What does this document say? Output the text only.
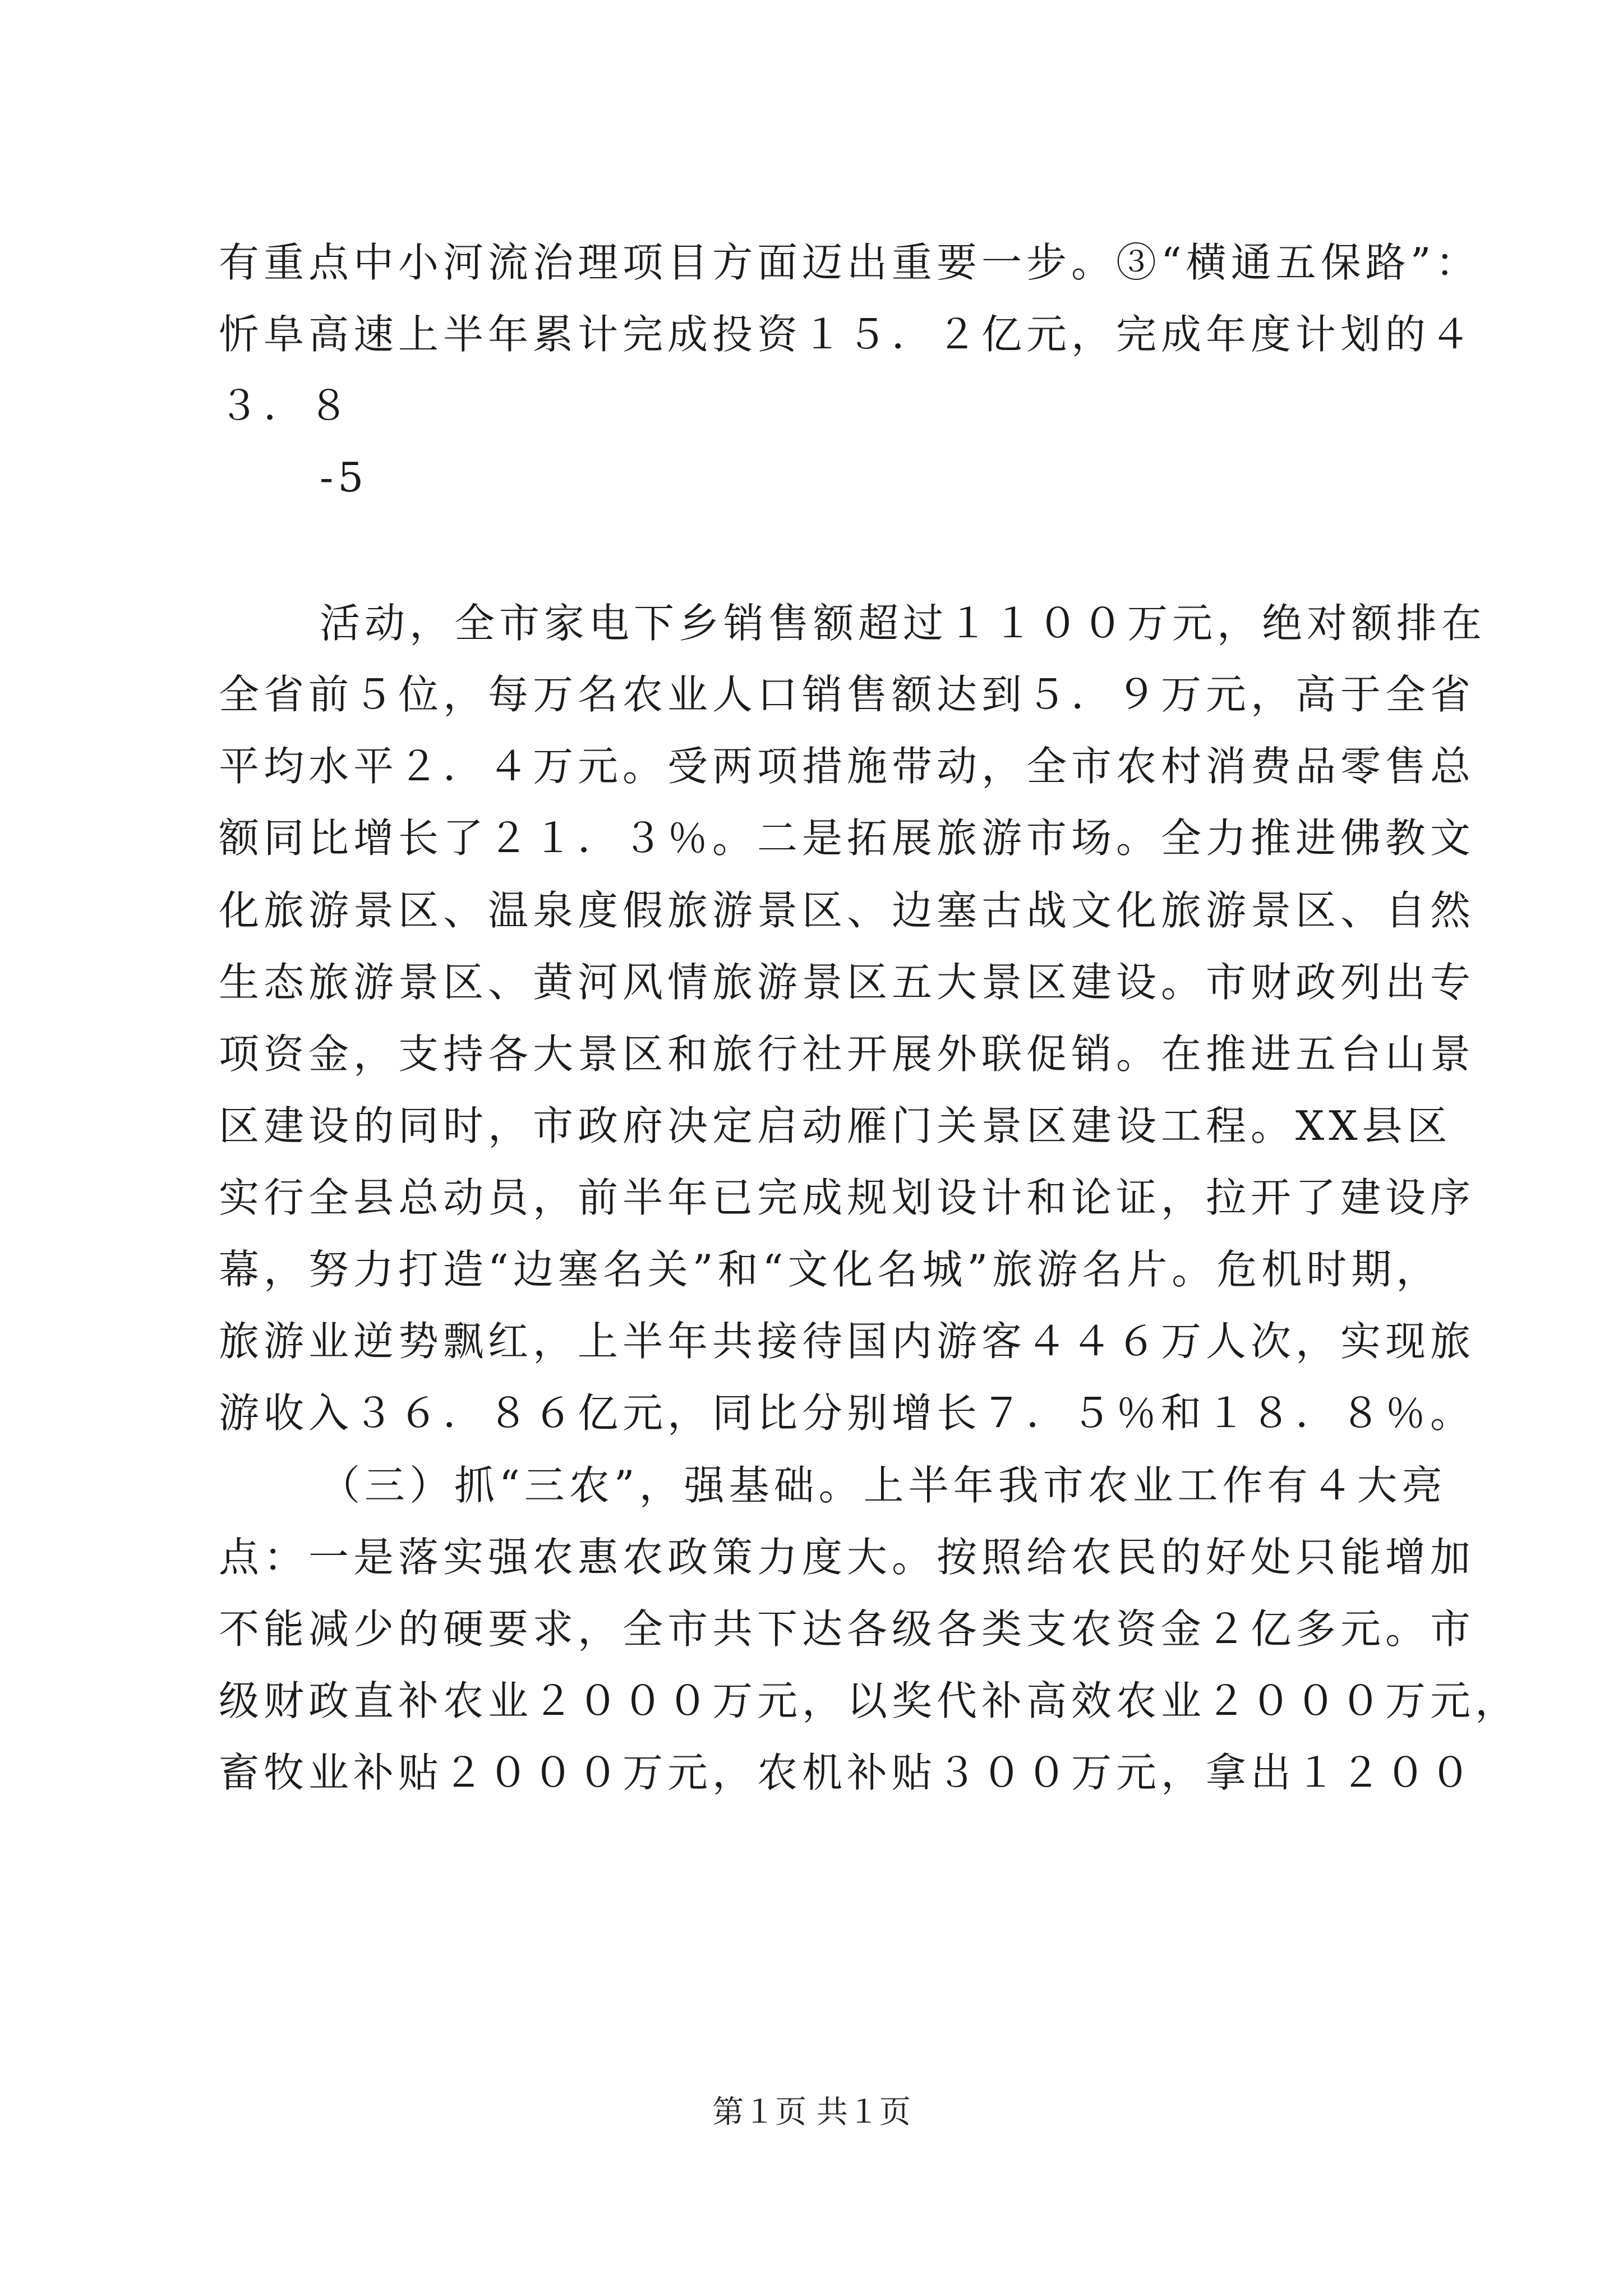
有重点中小河流治理项目方面迈出重要一步。③“横通五保路”：
忻阜高速上半年累计完成投资１５．２亿元，完成年度计划的４
３．８
-5
活动，全市家电下乡销售额超过１１００万元，绝对额排在
全省前５位，每万名农业人口销售额达到５．９万元，高于全省
平均水平２．４万元。受两项措施带动，全市农村消费品零售总
额同比增长了２１．３％。二是拓展旅游市场。全力推进佛教文
化旅游景区、温泉度假旅游景区、边塞古战文化旅游景区、自然
生态旅游景区、黄河风情旅游景区五大景区建设。市财政列出专
项资金，支持各大景区和旅行社开展外联促销。在推进五台山景
区建设的同时，市政府决定启动雁门关景区建设工程。XX县区
实行全县总动员，前半年已完成规划设计和论证，拉开了建设序
幕，努力打造“边塞名关”和“文化名城”旅游名片。危机时期，
旅游业逆势飘红，上半年共接待国内游客４４６万人次，实现旅
游收入３６．８６亿元，同比分别增长７．５％和１８．８％。
（三）抓“三农”，强基础。上半年我市农业工作有４大亮
点：一是落实强农惠农政策力度大。按照给农民的好处只能增加
不能减少的硬要求，全市共下达各级各类支农资金２亿多元。市
级财政直补农业２０００万元，以奖代补高效农业２０００万元，
畜牧业补贴２０００万元，农机补贴３００万元，拿出１２００
第１页 共１页
